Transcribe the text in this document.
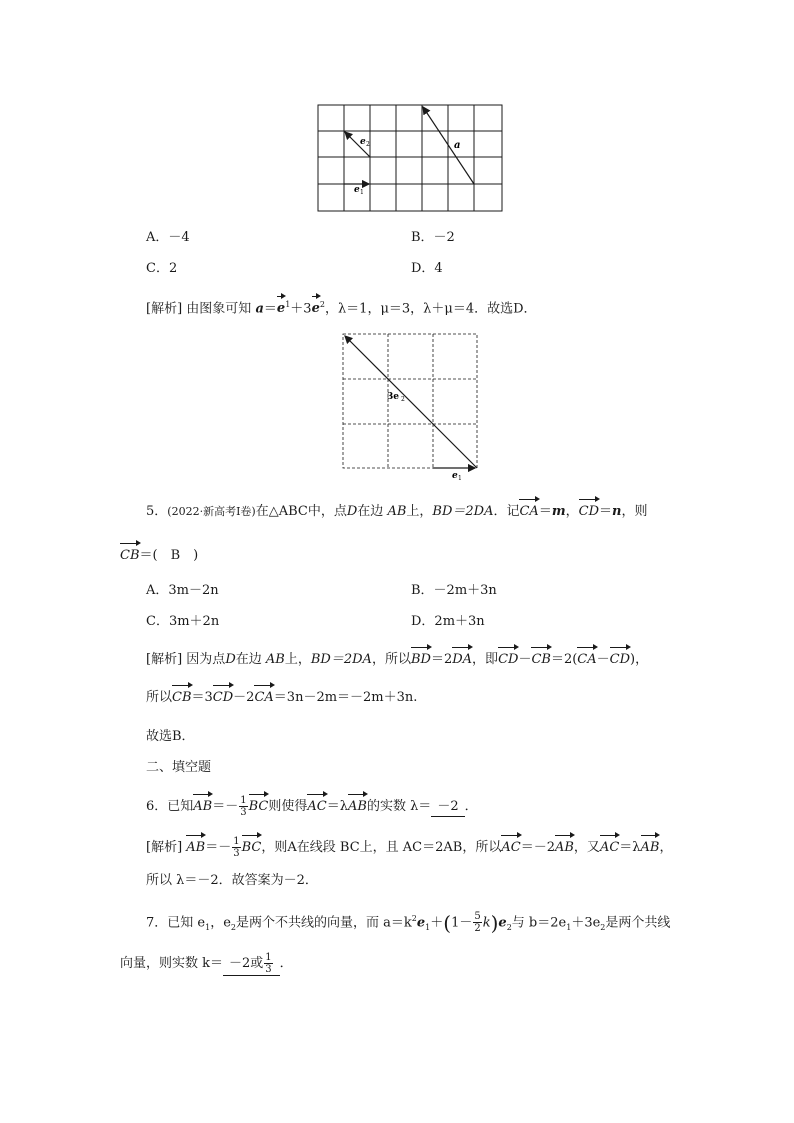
a
e 2
e 1
A．－4	B．－2
C．2	D．4
[解析] 由图象可知 $a=e^1+3e^2$，λ＝1，μ＝3，λ＋μ＝4．故选D．
3e 2
e 1
5．(2022·新高考Ⅰ卷)在△ABC中，点D在边 AB上，BD＝2DA．记CA＝m，CD＝n，则
CB＝(　B　)
A．3m－2n	B．－2m＋3n
C．3m＋2n	D．2m＋3n
[解析] 因为点D在边 AB上，BD＝2DA，所以BD＝2DA，即CD－CB＝2(CA－CD)，
所以CB＝3CD－2CA＝3n－2m＝－2m＋3n.
故选B．
二、填空题
6．已知$AB=- \frac{1}{3}$ BC则使得AC＝λAB的实数 λ＝ －2 ．
[解析] $AB=- \frac{1}{3}$ BC，则A在线段 BC上，且 AC＝2AB，所以AC＝－2AB，又AC＝λAB，
所以 λ＝－2．故答案为－2．
7．已知 $e_1$，$e_2$是两个不共线的向量，而 $a=k^2e_1+(1- \frac{5}{2} k)e_2$与 $b=2e_1+3e_2$是两个共线
向量，则实数 k＝ －2或 $\frac{1}{3}$ ．
